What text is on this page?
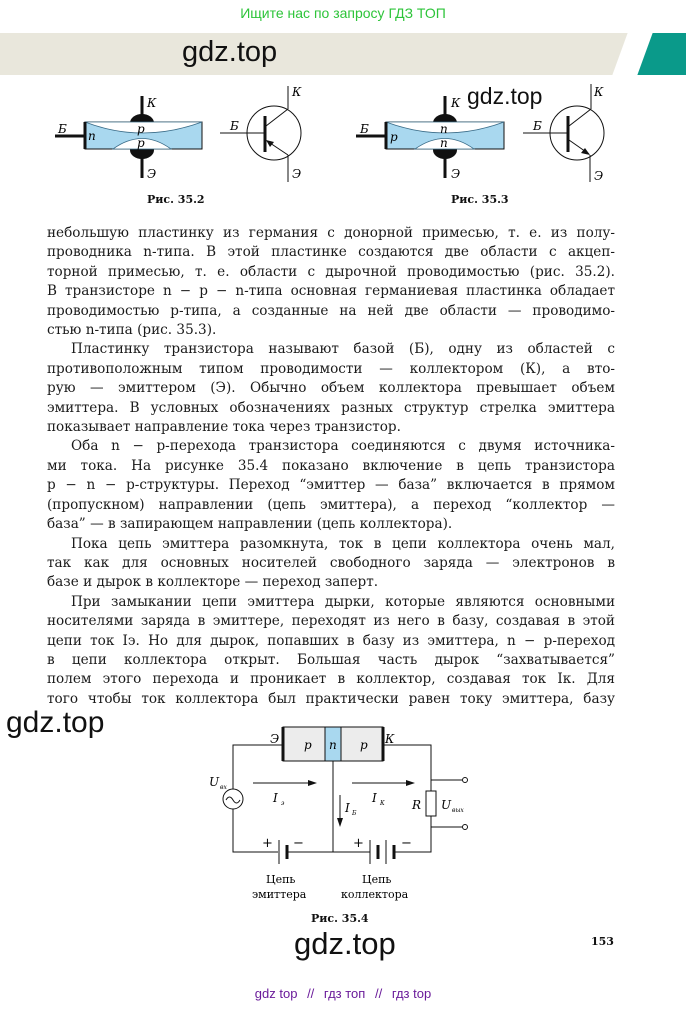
Ищите нас по запросу ГДЗ ТОП
gdz.top
Б n	p
p
К
Э
Б
К
Э
Рис. 35.2
Б
p
n
n
К
Э
Б
К
Э
Рис. 35.3
gdz.top

небольшую пластинку из германия с донорной примесью, т. е. из полу-
проводника n-типа. В этой пластинке создаются две области с акцеп-
торной примесью, т. е. области с дырочной проводимостью (рис. 35.2).
В транзисторе n − p − n-типа основная германиевая пластинка обладает
проводимостью p-типа, а созданные на ней две области — проводимо-
стью n-типа (рис. 35.3).

Пластинку транзистора называют базой (Б), одну из областей с
противоположным типом проводимости — коллектором (К), а вто-
рую — эмиттером (Э). Обычно объем коллектора превышает объем
эмиттера. В условных обозначениях разных структур стрелка эмиттера
показывает направление тока через транзистор.

Оба n − p-перехода транзистора соединяются с двумя источника-
ми тока. На рисунке 35.4 показано включение в цепь транзистора
p − n − p-структуры. Переход “эмиттер — база” включается в прямом
(пропускном) направлении (цепь эмиттера), а переход “коллектор —
база” — в запирающем направлении (цепь коллектора).

Пока цепь эмиттера разомкнута, ток в цепи коллектора очень мал,
так как для основных носителей свободного заряда — электронов в
базе и дырок в коллекторе — переход заперт.

При замыкании цепи эмиттера дырки, которые являются основными
носителями заряда в эмиттере, переходят из него в базу, создавая в этой
цепи ток Iэ. Но для дырок, попавших в базу из эмиттера, n − p-переход
в цепи коллектора открыт. Большая часть дырок “захватывается”
полем этого перехода и проникает в коллектор, создавая ток Iк. Для
того чтобы ток коллектора был практически равен току эмиттера, базу

gdz.top
p n p
Э	К
U вх
+ −	+	−
R U вых
I э	I К
I Б
Цепь
эмиттера
Цепь
коллектора
Рис. 35.4
gdz.top	153
gdz top // гдз топ // гдз top
